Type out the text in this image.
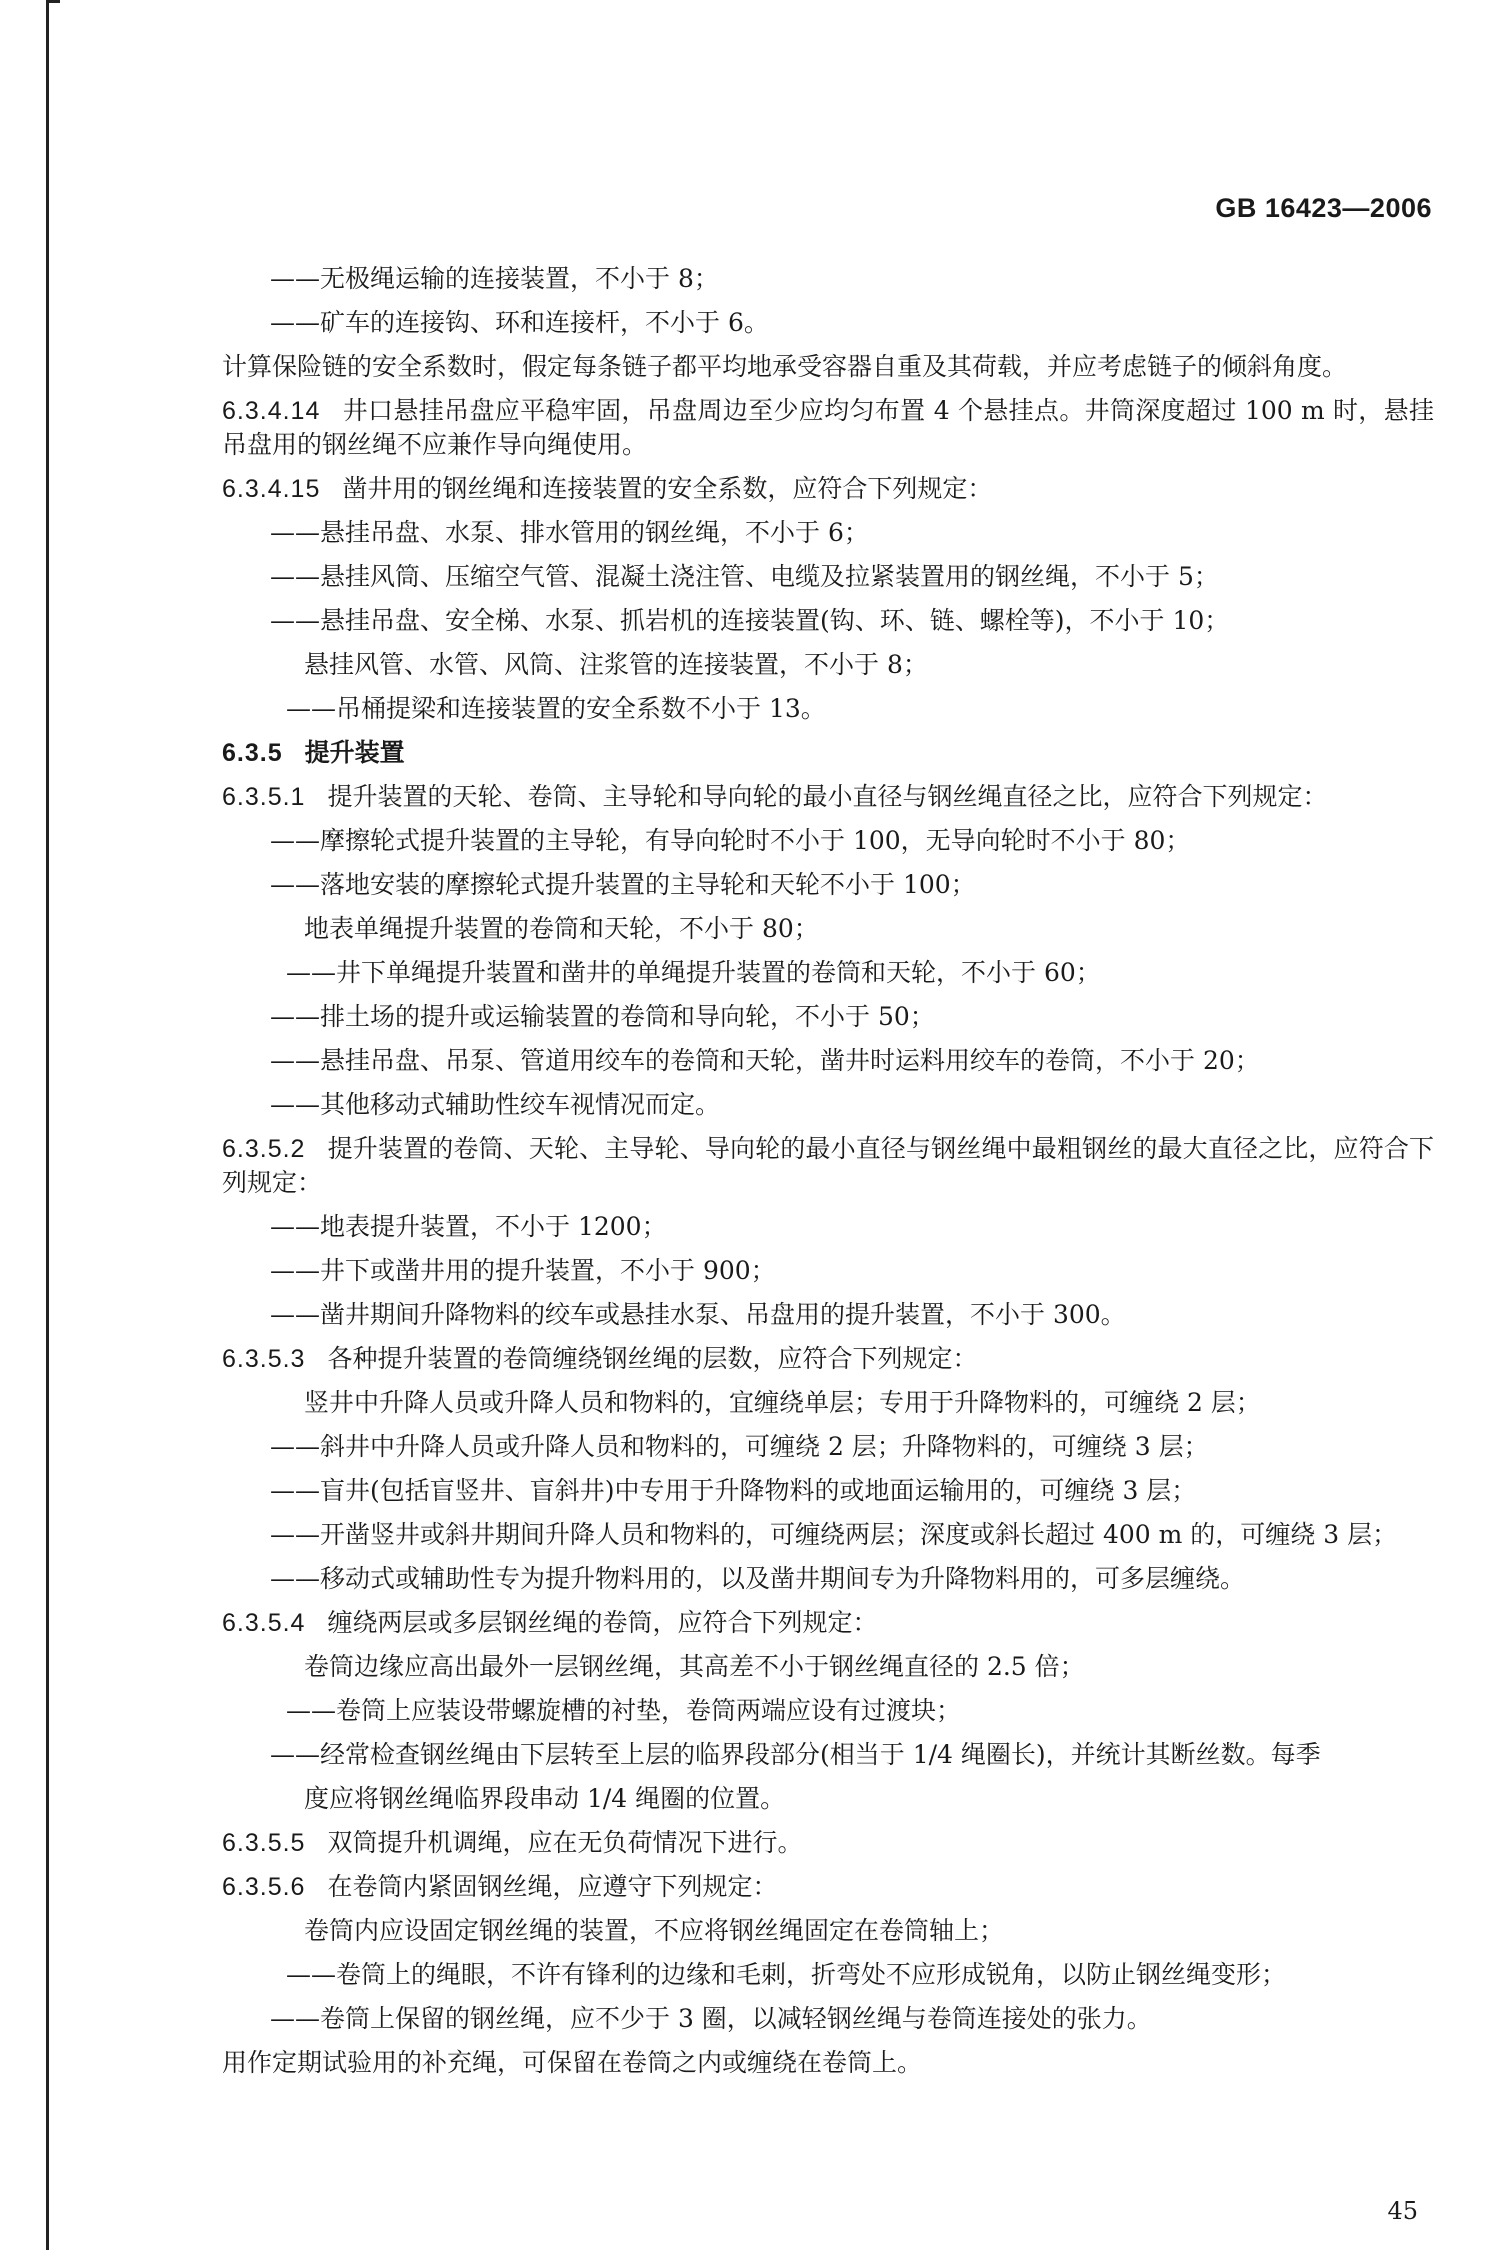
GB 16423—2006
——无极绳运输的连接装置，不小于 8；
——矿车的连接钩、环和连接杆，不小于 6。
计算保险链的安全系数时，假定每条链子都平均地承受容器自重及其荷载，并应考虑链子的倾斜角度。
6.3.4.14 井口悬挂吊盘应平稳牢固，吊盘周边至少应均匀布置 4 个悬挂点。井筒深度超过 100 m 时，悬挂吊盘用的钢丝绳不应兼作导向绳使用。
6.3.4.15 凿井用的钢丝绳和连接装置的安全系数，应符合下列规定：
——悬挂吊盘、水泵、排水管用的钢丝绳，不小于 6；
——悬挂风筒、压缩空气管、混凝土浇注管、电缆及拉紧装置用的钢丝绳，不小于 5；
——悬挂吊盘、安全梯、水泵、抓岩机的连接装置(钩、环、链、螺栓等)，不小于 10；
悬挂风管、水管、风筒、注浆管的连接装置，不小于 8；
——吊桶提梁和连接装置的安全系数不小于 13。
6.3.5 提升装置
6.3.5.1 提升装置的天轮、卷筒、主导轮和导向轮的最小直径与钢丝绳直径之比，应符合下列规定：
——摩擦轮式提升装置的主导轮，有导向轮时不小于 100，无导向轮时不小于 80；
——落地安装的摩擦轮式提升装置的主导轮和天轮不小于 100；
地表单绳提升装置的卷筒和天轮，不小于 80；
——井下单绳提升装置和凿井的单绳提升装置的卷筒和天轮，不小于 60；
——排土场的提升或运输装置的卷筒和导向轮，不小于 50；
——悬挂吊盘、吊泵、管道用绞车的卷筒和天轮，凿井时运料用绞车的卷筒，不小于 20；
——其他移动式辅助性绞车视情况而定。
6.3.5.2 提升装置的卷筒、天轮、主导轮、导向轮的最小直径与钢丝绳中最粗钢丝的最大直径之比，应符合下列规定：
——地表提升装置，不小于 1200；
——井下或凿井用的提升装置，不小于 900；
——凿井期间升降物料的绞车或悬挂水泵、吊盘用的提升装置，不小于 300。
6.3.5.3 各种提升装置的卷筒缠绕钢丝绳的层数，应符合下列规定：
竖井中升降人员或升降人员和物料的，宜缠绕单层；专用于升降物料的，可缠绕 2 层；
——斜井中升降人员或升降人员和物料的，可缠绕 2 层；升降物料的，可缠绕 3 层；
——盲井(包括盲竖井、盲斜井)中专用于升降物料的或地面运输用的，可缠绕 3 层；
——开凿竖井或斜井期间升降人员和物料的，可缠绕两层；深度或斜长超过 400 m 的，可缠绕 3 层；
——移动式或辅助性专为提升物料用的，以及凿井期间专为升降物料用的，可多层缠绕。
6.3.5.4 缠绕两层或多层钢丝绳的卷筒，应符合下列规定：
卷筒边缘应高出最外一层钢丝绳，其高差不小于钢丝绳直径的 2.5 倍；
——卷筒上应装设带螺旋槽的衬垫，卷筒两端应设有过渡块；
——经常检查钢丝绳由下层转至上层的临界段部分(相当于 1/4 绳圈长)，并统计其断丝数。每季
度应将钢丝绳临界段串动 1/4 绳圈的位置。
6.3.5.5 双筒提升机调绳，应在无负荷情况下进行。
6.3.5.6 在卷筒内紧固钢丝绳，应遵守下列规定：
卷筒内应设固定钢丝绳的装置，不应将钢丝绳固定在卷筒轴上；
——卷筒上的绳眼，不许有锋利的边缘和毛刺，折弯处不应形成锐角，以防止钢丝绳变形；
——卷筒上保留的钢丝绳，应不少于 3 圈，以减轻钢丝绳与卷筒连接处的张力。
用作定期试验用的补充绳，可保留在卷筒之内或缠绕在卷筒上。
45
